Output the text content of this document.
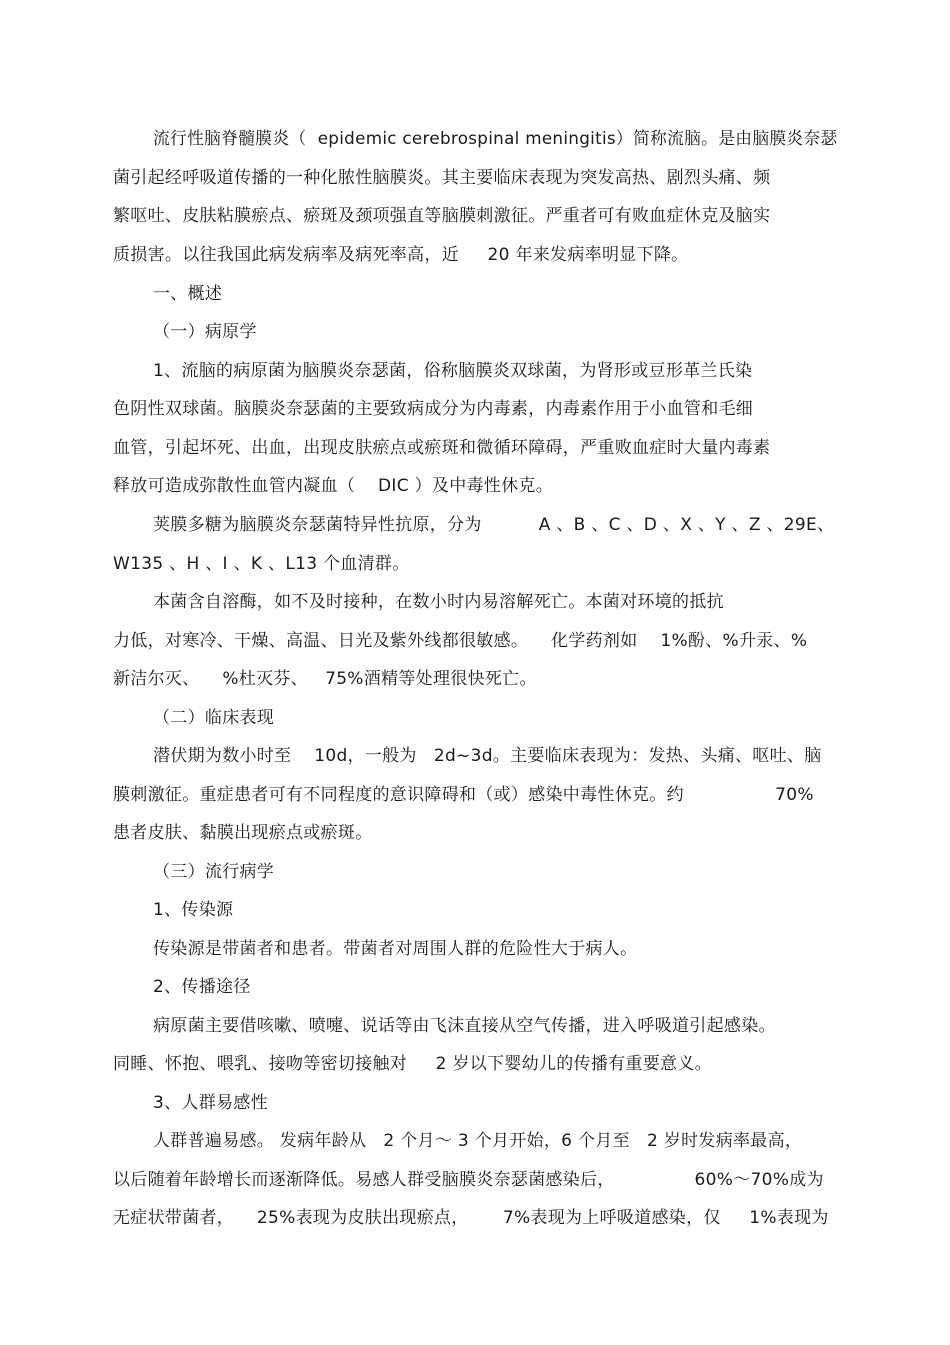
流行性脑脊髓膜炎（  epidemic cerebrospinal meningitis）简称流脑。是由脑膜炎奈瑟
菌引起经呼吸道传播的一种化脓性脑膜炎。其主要临床表现为突发高热、剧烈头痛、频
繁呕吐、皮肤粘膜瘀点、瘀斑及颈项强直等脑膜刺激征。严重者可有败血症休克及脑实
质损害。以往我国此病发病率及病死率高，近     20 年来发病率明显下降。
一、概述
（一）病原学
1、流脑的病原菌为脑膜炎奈瑟菌，俗称脑膜炎双球菌，为肾形或豆形革兰氏染
色阴性双球菌。脑膜炎奈瑟菌的主要致病成分为内毒素，内毒素作用于小血管和毛细
血管，引起坏死、出血，出现皮肤瘀点或瘀斑和微循环障碍，严重败血症时大量内毒素
释放可造成弥散性血管内凝血（    DIC ）及中毒性休克。
荚膜多糖为脑膜炎奈瑟菌特异性抗原，分为          A 、B 、C 、D 、X 、Y 、Z 、29E、
W135 、H 、I 、K 、L13 个血清群。
本菌含自溶酶，如不及时接种，在数小时内易溶解死亡。本菌对环境的抵抗
力低，对寒冷、干燥、高温、日光及紫外线都很敏感。    化学药剂如    1%酚、%升汞、%
新洁尔灭、    %杜灭芬、   75%酒精等处理很快死亡。
（二）临床表现
潜伏期为数小时至    10d，一般为   2d~3d。主要临床表现为：发热、头痛、呕吐、脑
膜刺激征。重症患者可有不同程度的意识障碍和（或）感染中毒性休克。约                70%
患者皮肤、黏膜出现瘀点或瘀斑。
（三）流行病学
1、传染源
传染源是带菌者和患者。带菌者对周围人群的危险性大于病人。
2、传播途径
病原菌主要借咳嗽、喷嚏、说话等由飞沫直接从空气传播，进入呼吸道引起感染。
同睡、怀抱、喂乳、接吻等密切接触对     2 岁以下婴幼儿的传播有重要意义。
3、人群易感性
人群普遍易感。 发病年龄从   2 个月～ 3 个月开始，6 个月至   2 岁时发病率最高，
以后随着年龄增长而逐渐降低。易感人群受脑膜炎奈瑟菌感染后，              60%～70%成为
无症状带菌者，    25%表现为皮肤出现瘀点，      7%表现为上呼吸道感染，仅     1%表现为
